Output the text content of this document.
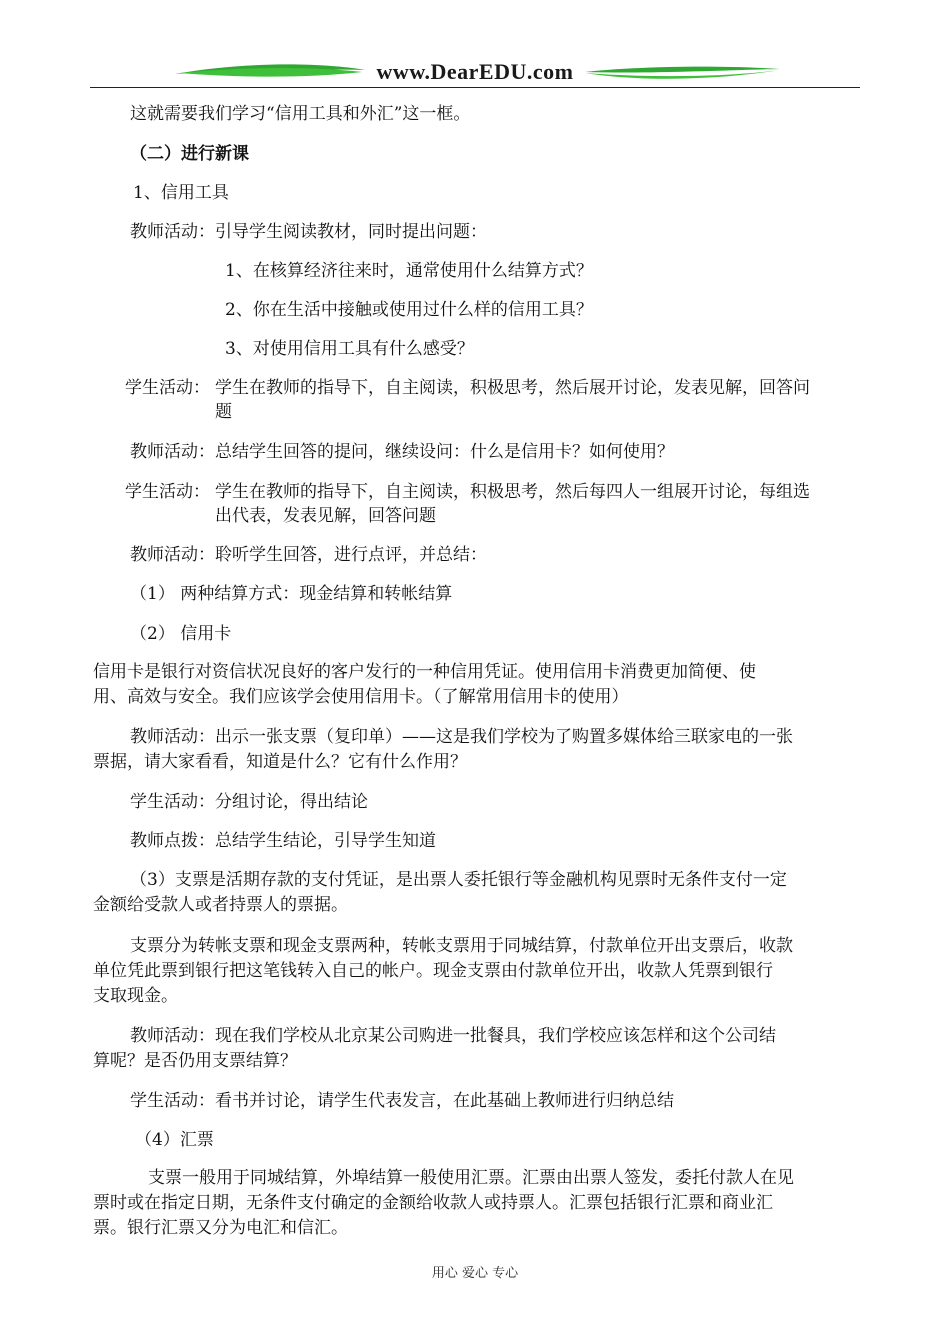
www.DearEDU.com

这就需要我们学习“信用工具和外汇”这一框。

（二）进行新课

1、信用工具

教师活动：引导学生阅读教材，同时提出问题：

1、在核算经济往来时，通常使用什么结算方式？

2、你在生活中接触或使用过什么样的信用工具？

3、对使用信用工具有什么感受？

学生活动： 学生在教师的指导下，自主阅读，积极思考，然后展开讨论，发表见解，回答问

题

教师活动：总结学生回答的提问，继续设问：什么是信用卡？如何使用？

学生活动： 学生在教师的指导下，自主阅读，积极思考，然后每四人一组展开讨论，每组选

出代表，发表见解，回答问题

教师活动：聆听学生回答，进行点评，并总结：

（1） 两种结算方式：现金结算和转帐结算

（2） 信用卡

信用卡是银行对资信状况良好的客户发行的一种信用凭证。使用信用卡消费更加简便、使

用、高效与安全。我们应该学会使用信用卡。（了解常用信用卡的使用）

教师活动：出示一张支票（复印单）——这是我们学校为了购置多媒体给三联家电的一张

票据，请大家看看，知道是什么？它有什么作用？

学生活动：分组讨论，得出结论

教师点拨：总结学生结论，引导学生知道

（3）支票是活期存款的支付凭证，是出票人委托银行等金融机构见票时无条件支付一定

金额给受款人或者持票人的票据。

支票分为转帐支票和现金支票两种，转帐支票用于同城结算，付款单位开出支票后，收款

单位凭此票到银行把这笔钱转入自己的帐户。现金支票由付款单位开出，收款人凭票到银行

支取现金。

教师活动：现在我们学校从北京某公司购进一批餐具，我们学校应该怎样和这个公司结

算呢？是否仍用支票结算？

学生活动：看书并讨论，请学生代表发言，在此基础上教师进行归纳总结

（4）汇票

支票一般用于同城结算，外埠结算一般使用汇票。汇票由出票人签发，委托付款人在见

票时或在指定日期，无条件支付确定的金额给收款人或持票人。汇票包括银行汇票和商业汇

票。银行汇票又分为电汇和信汇。

用心 爱心 专心
